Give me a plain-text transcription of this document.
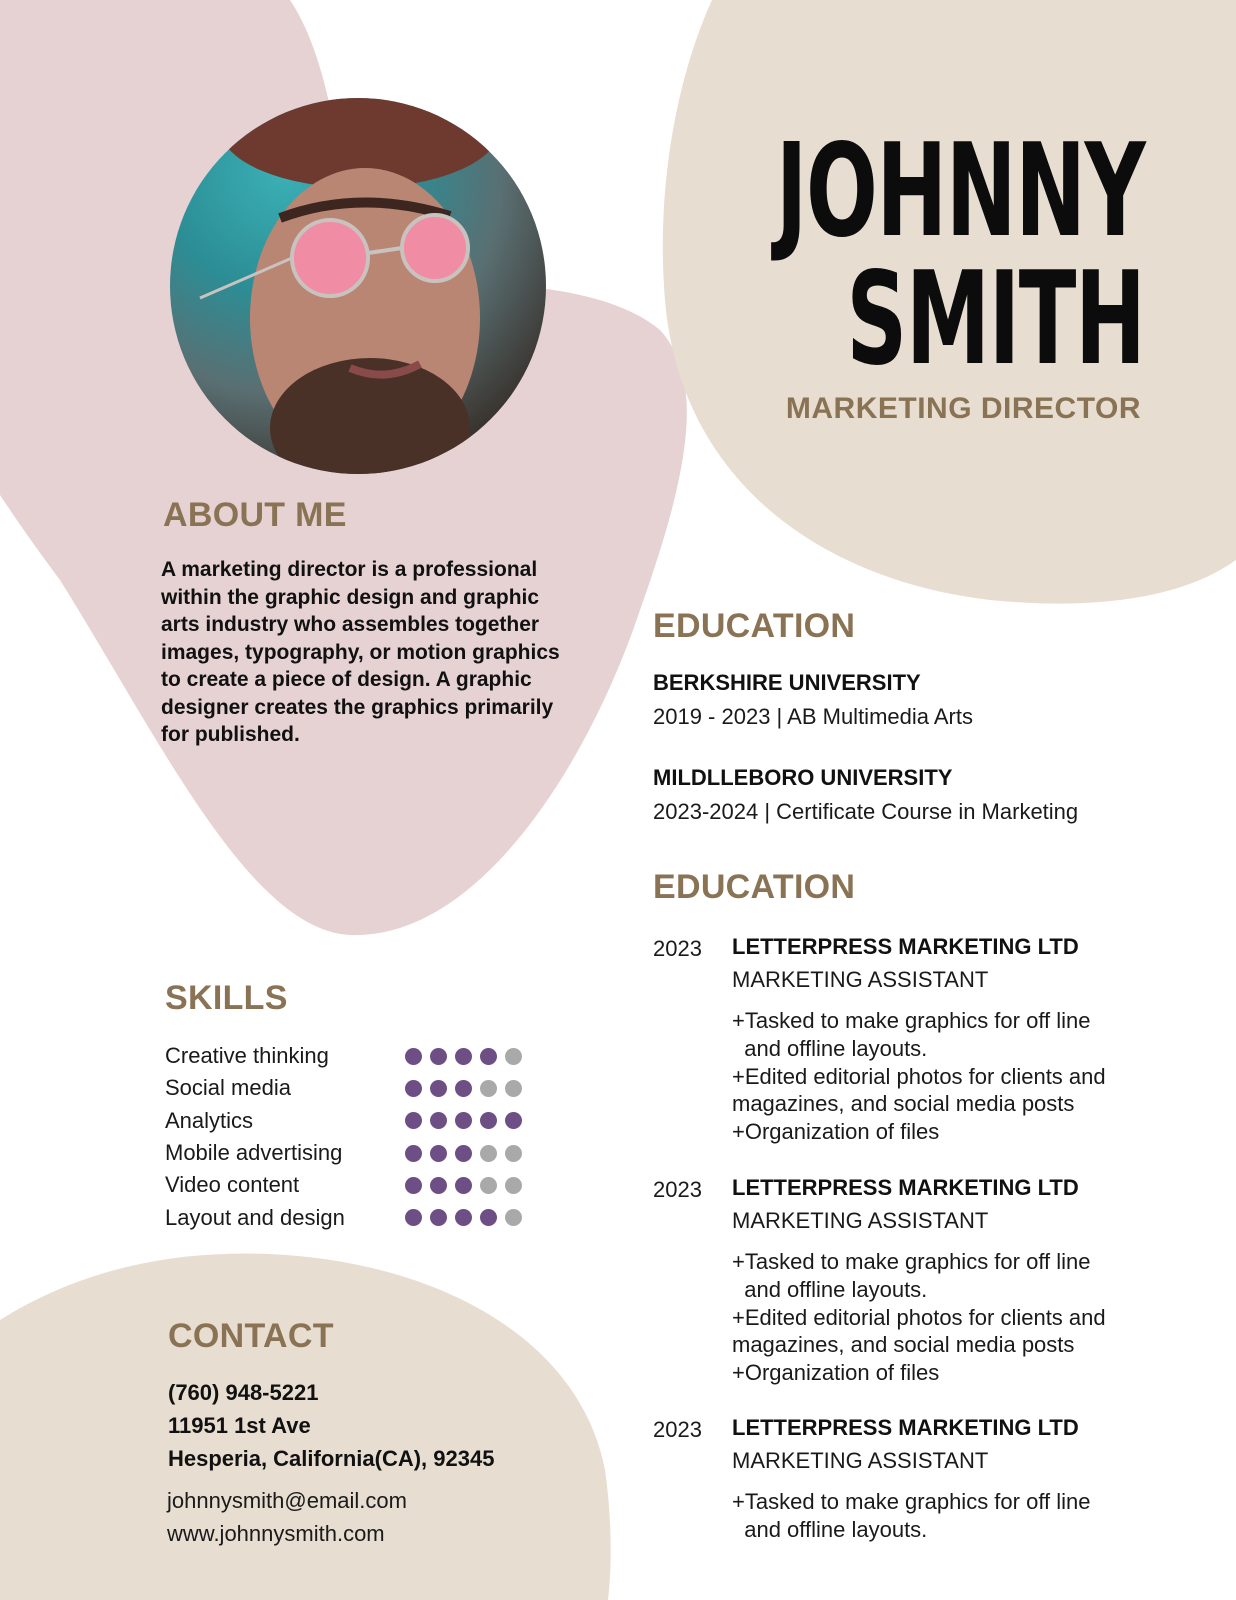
JOHNNY
SMITH
MARKETING DIRECTOR
ABOUT ME
A marketing director is a professional within the graphic design and graphic arts industry who assembles together images, typography, or motion graphics to create a piece of design. A graphic designer creates the graphics primarily for published.
SKILLS
Creative thinking
Social media
Analytics
Mobile advertising
Video content
Layout and design
CONTACT
(760) 948-5221
11951 1st Ave
Hesperia, California(CA), 92345
johnnysmith@email.com
www.johnnysmith.com
EDUCATION
BERKSHIRE UNIVERSITY
2019 - 2023 | AB Multimedia Arts
MILDLLEBORO UNIVERSITY
2023-2024 | Certificate Course in Marketing
EDUCATION
2023 LETTERPRESS MARKETING LTD
MARKETING ASSISTANT
+Tasked to make graphics for off line
and offline layouts.
+Edited editorial photos for clients and   magazines, and social media posts
+Organization of files
2023 LETTERPRESS MARKETING LTD
MARKETING ASSISTANT
+Tasked to make graphics for off line
and offline layouts.
+Edited editorial photos for clients and   magazines, and social media posts
+Organization of files
2023 LETTERPRESS MARKETING LTD
MARKETING ASSISTANT
+Tasked to make graphics for off line
and offline layouts.
